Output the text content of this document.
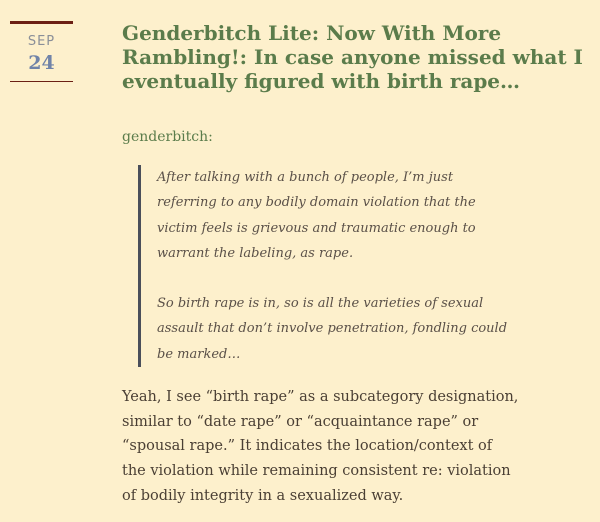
SEP
24
Genderbitch Lite: Now With More Rambling!: In case anyone missed what I eventually figured with birth rape…
genderbitch:

After talking with a bunch of people, I’m just
referring to any bodily domain violation that the
victim feels is grievous and traumatic enough to
warrant the labeling, as rape.

So birth rape is in, so is all the varieties of sexual
assault that don’t involve penetration, fondling could
be marked…

Yeah, I see “birth rape” as a subcategory designation,
similar to “date rape” or “acquaintance rape” or
“spousal rape.” It indicates the location/context of
the violation while remaining consistent re: violation
of bodily integrity in a sexualized way.
